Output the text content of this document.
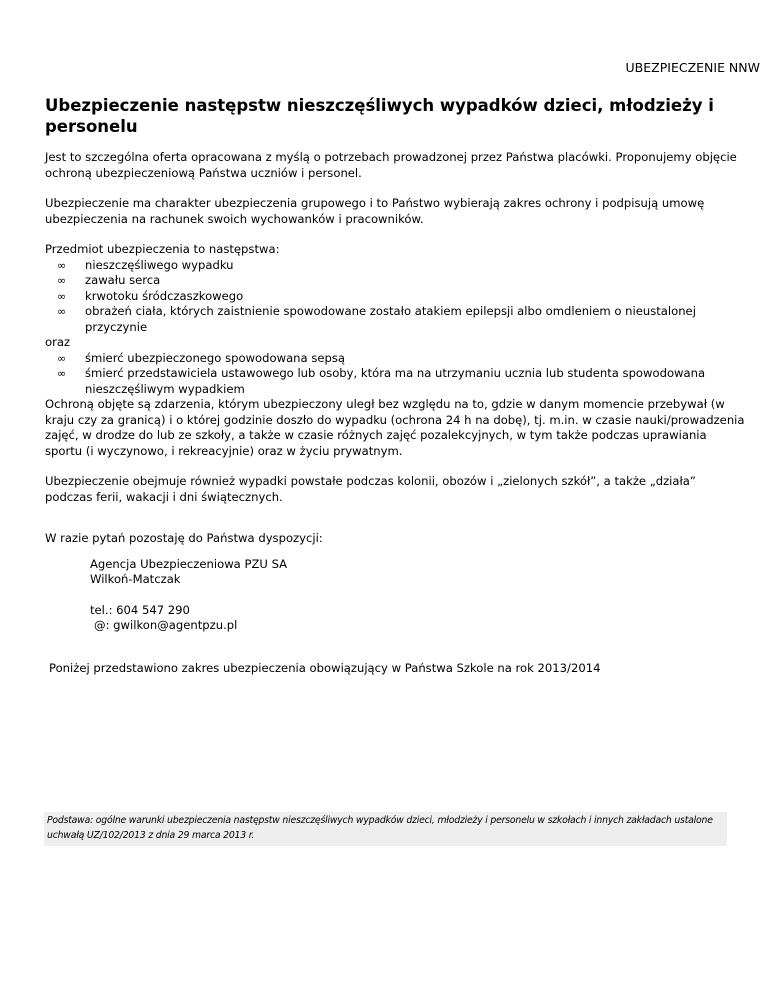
UBEZPIECZENIE NNW
Ubezpieczenie następstw nieszczęśliwych wypadków dzieci, młodzieży i personelu

Jest to szczególna oferta opracowana z myślą o potrzebach prowadzonej przez Państwa placówki. Proponujemy objęcie ochroną ubezpieczeniową Państwa uczniów i personel.

Ubezpieczenie ma charakter ubezpieczenia grupowego i to Państwo wybierają zakres ochrony i podpisują umowę ubezpieczenia na rachunek swoich wychowanków i pracowników.

Przedmiot ubezpieczenia to następstwa:
∞ nieszczęśliwego wypadku
∞ zawału serca
∞ krwotoku śródczaszkowego
∞ obrażeń ciała, których zaistnienie spowodowane zostało atakiem epilepsji albo omdleniem o nieustalonej przyczynie
oraz
∞ śmierć ubezpieczonego spowodowana sepsą
∞ śmierć przedstawiciela ustawowego lub osoby, która ma na utrzymaniu ucznia lub studenta spowodowana  nieszczęśliwym wypadkiem

Ochroną objęte są zdarzenia, którym ubezpieczony uległ bez względu na to, gdzie w danym momencie przebywał (w kraju czy za granicą) i o której godzinie doszło do wypadku (ochrona 24 h na dobę), tj. m.in. w czasie nauki/prowadzenia zajęć, w drodze do lub ze szkoły, a także w czasie różnych zajęć pozalekcyjnych, w tym także podczas uprawiania sportu (i wyczynowo, i rekreacyjnie) oraz w życiu prywatnym.

Ubezpieczenie obejmuje również wypadki powstałe podczas kolonii, obozów i „zielonych szkół”, a także „działa” podczas ferii, wakacji i dni świątecznych.

W razie pytań pozostaję do Państwa dyspozycji:

Agencja Ubezpieczeniowa PZU SA
Wilkoń-Matczak
tel.: 604 547 290
@: gwilkon@agentpzu.pl
Poniżej przedstawiono zakres ubezpieczenia obowiązujący w Państwa Szkole na rok 2013/2014
Podstawa: ogólne warunki ubezpieczenia następstw nieszczęśliwych wypadków dzieci, młodzieży i personelu w szkołach i innych zakładach ustalone uchwałą UZ/102/2013 z dnia 29 marca 2013 r.
